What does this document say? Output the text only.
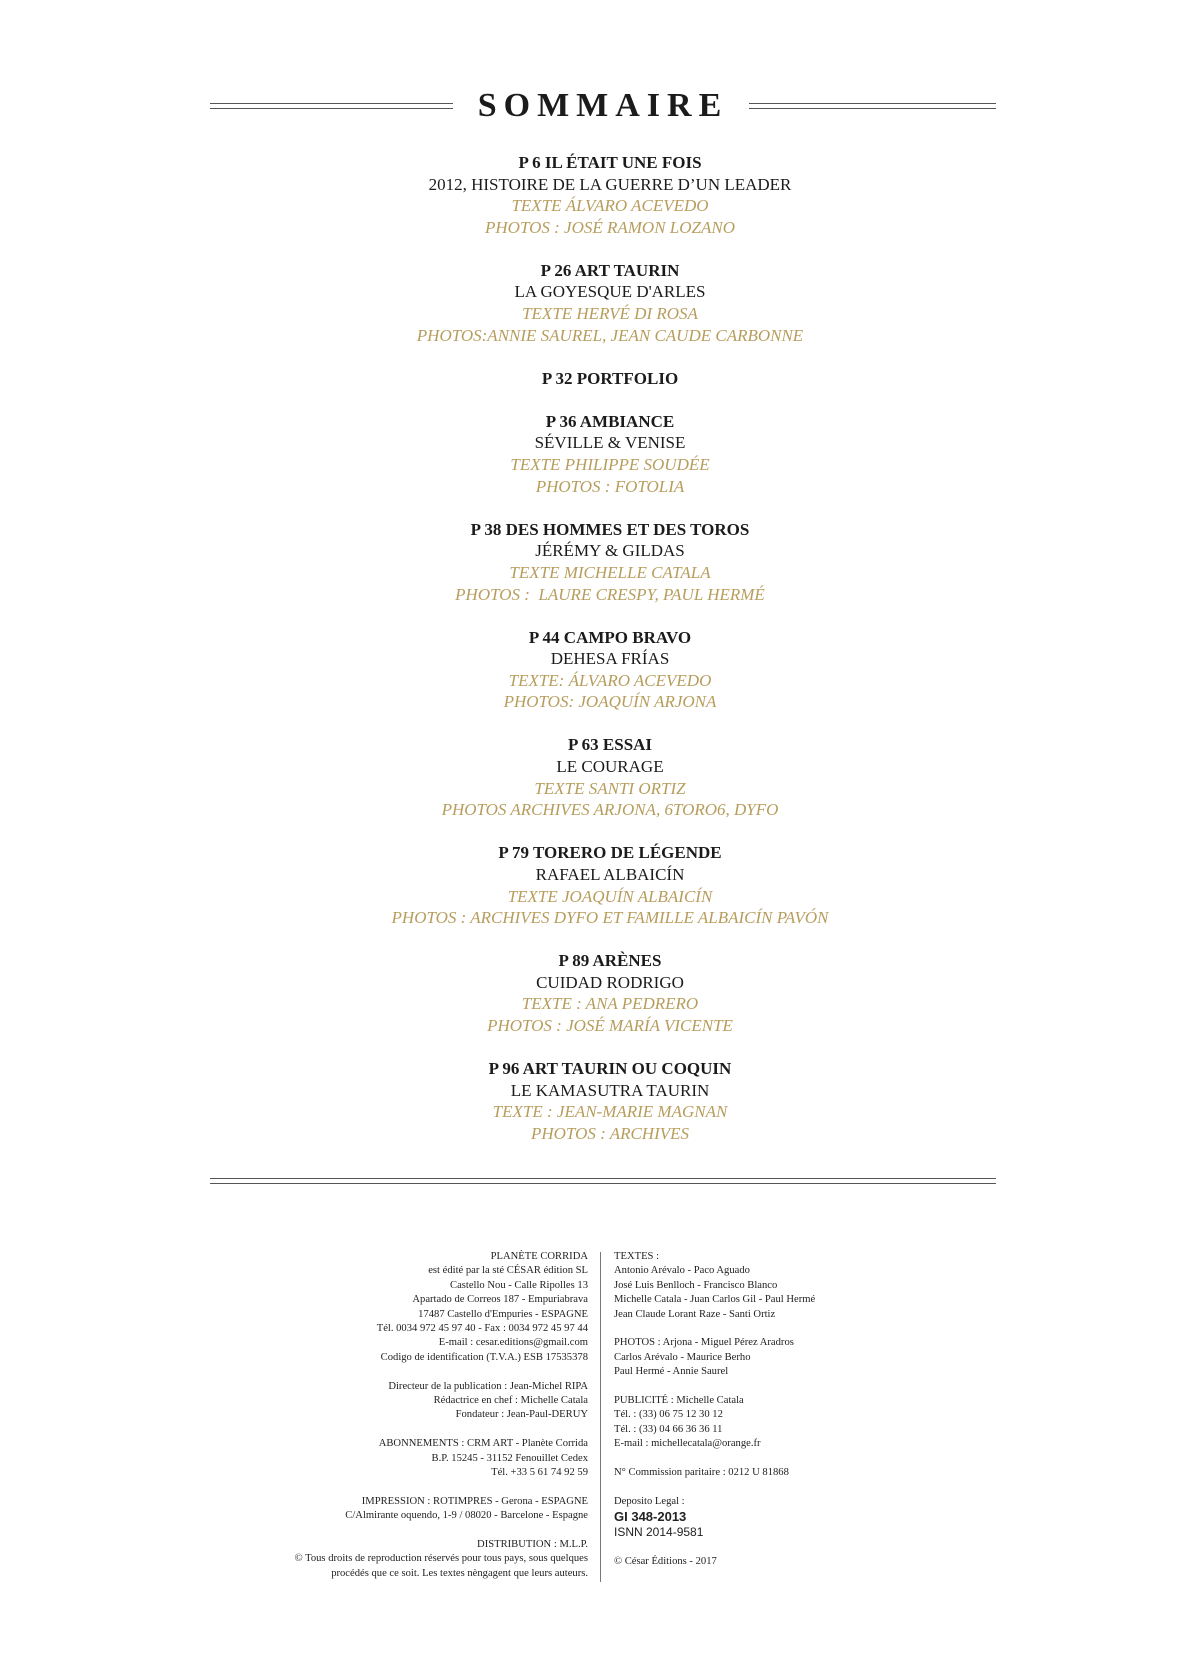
SOMMAIRE
P 6 IL ÉTAIT UNE FOIS
2012, HISTOIRE DE LA GUERRE D’UN LEADER
TEXTE ÁLVARO ACEVEDO
PHOTOS : JOSÉ RAMON LOZANO
P 26 ART TAURIN
LA GOYESQUE D'ARLES
TEXTE HERVÉ DI ROSA
PHOTOS:ANNIE SAUREL, JEAN CAUDE CARBONNE
P 32 PORTFOLIO
P 36 AMBIANCE
SÉVILLE & VENISE
TEXTE PHILIPPE SOUDÉE
PHOTOS : FOTOLIA
P 38 DES HOMMES ET DES TOROS
JÉRÉMY & GILDAS
TEXTE MICHELLE CATALA
PHOTOS :  LAURE CRESPY, PAUL HERMÉ
P 44 CAMPO BRAVO
DEHESA FRÍAS
TEXTE: ÁLVARO ACEVEDO
PHOTOS: JOAQUÍN ARJONA
P 63 ESSAI
LE COURAGE
TEXTE SANTI ORTIZ
PHOTOS ARCHIVES ARJONA, 6TORO6, DYFO
P 79 TORERO DE LÉGENDE
RAFAEL ALBAICÍN
TEXTE JOAQUÍN ALBAICÍN
PHOTOS : ARCHIVES DYFO ET FAMILLE ALBAICÍN PAVÓN
P 89 ARÈNES
CUIDAD RODRIGO
TEXTE : ANA PEDRERO
PHOTOS : JOSÉ MARÍA VICENTE
P 96 ART TAURIN OU COQUIN
LE KAMASUTRA TAURIN
TEXTE : JEAN-MARIE MAGNAN
PHOTOS : ARCHIVES
PLANÈTE CORRIDA
est édité par la sté CÉSAR édition SL
Castello Nou - Calle Ripolles 13
Apartado de Correos 187 - Empuriabrava
17487 Castello d'Empuries - ESPAGNE
Tél. 0034 972 45 97 40 - Fax : 0034 972 45 97 44
E-mail : cesar.editions@gmail.com
Codigo de identification (T.V.A.) ESB 17535378
Directeur de la publication : Jean-Michel RIPA
Rédactrice en chef : Michelle Catala
Fondateur : Jean-Paul-DERUY
ABONNEMENTS : CRM ART - Planète Corrida
B.P. 15245 - 31152 Fenouillet Cedex
Tél. +33 5 61 74 92 59
IMPRESSION : ROTIMPRES - Gerona - ESPAGNE
C/Almirante oquendo, 1-9 / 08020 - Barcelone - Espagne
DISTRIBUTION : M.L.P.
© Tous droits de reproduction réservés pour tous pays, sous quelques
procédés que ce soit. Les textes nèngagent que leurs auteurs.
TEXTES :
Antonio Arévalo - Paco Aguado
José Luis Benlloch - Francisco Blanco
Michelle Catala - Juan Carlos Gil - Paul Hermé
Jean Claude Lorant Raze - Santi Ortiz
PHOTOS : Arjona - Miguel Pérez Aradros
Carlos Arévalo - Maurice Berho
Paul Hermé - Annie Saurel
PUBLICITÉ : Michelle Catala
Tél. : (33) 06 75 12 30 12
Tél. : (33) 04 66 36 36 11
E-mail : michellecatala@orange.fr
N° Commission paritaire : 0212 U 81868
Deposito Legal :
GI 348-2013
ISNN 2014-9581
© César Éditions - 2017
